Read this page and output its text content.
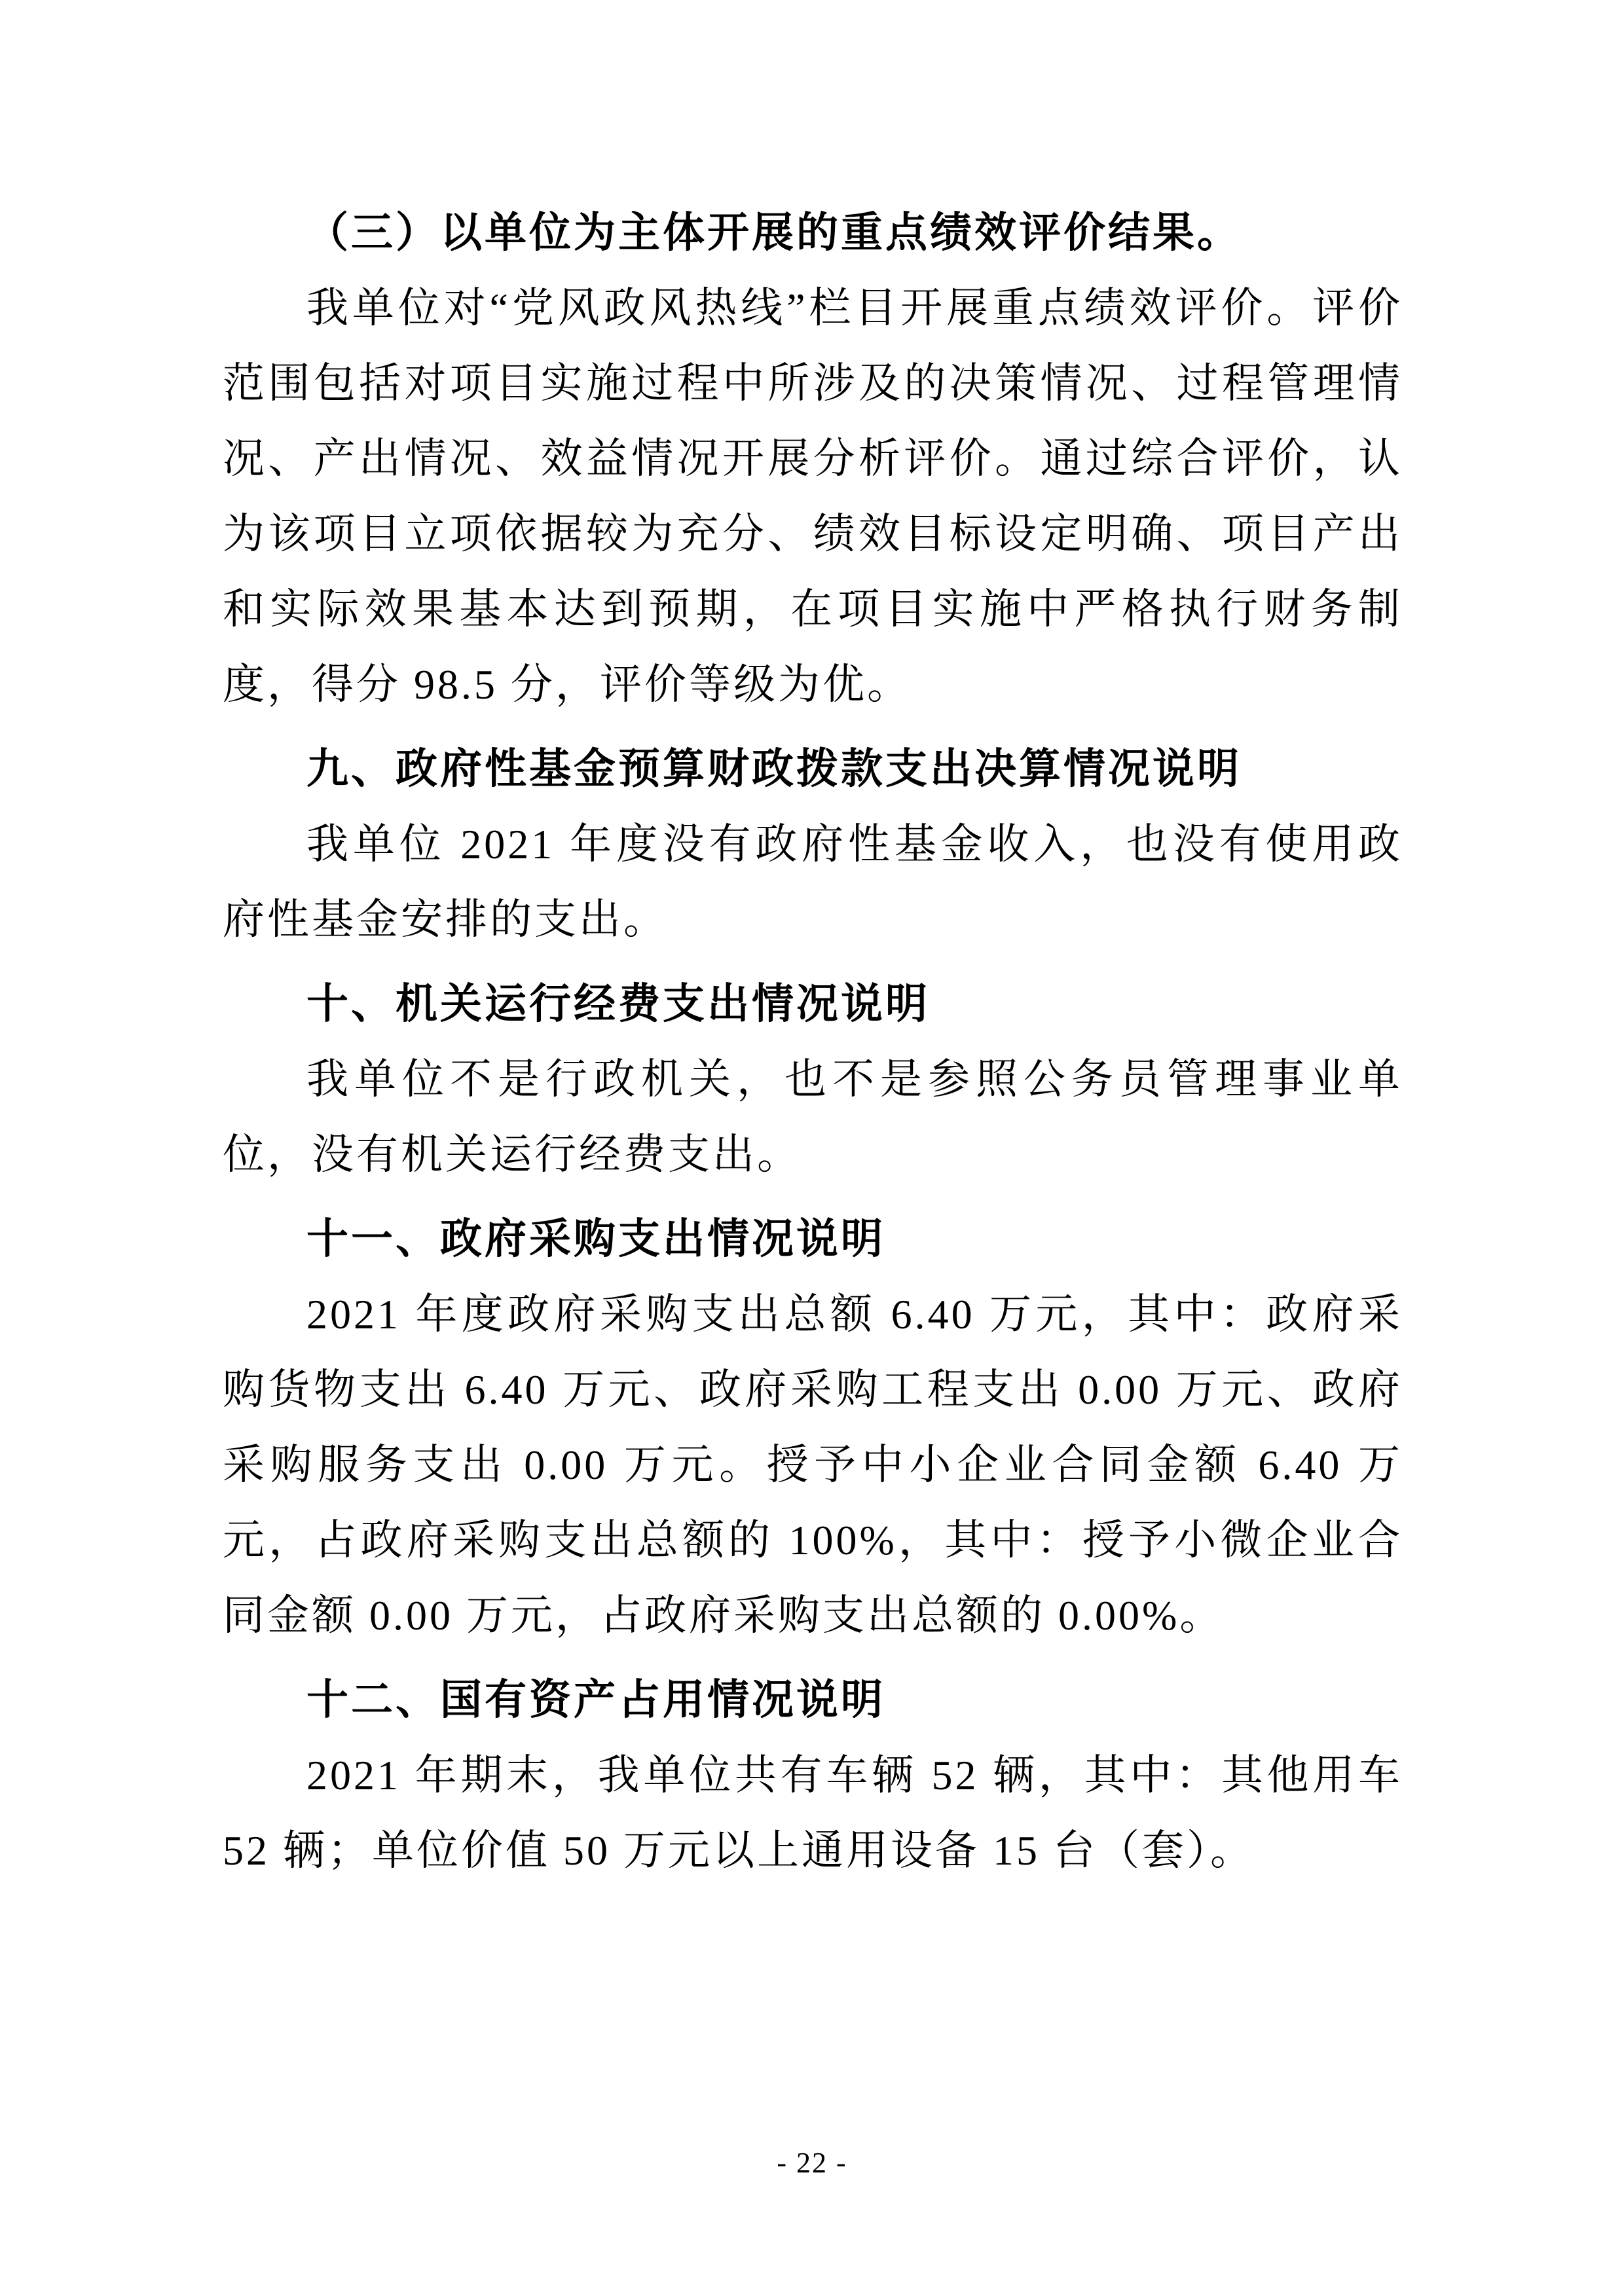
（三）以单位为主体开展的重点绩效评价结果。

我单位对“党风政风热线”栏目开展重点绩效评价。评价范围包括对项目实施过程中所涉及的决策情况、过程管理情况、产出情况、效益情况开展分析评价。通过综合评价，认为该项目立项依据较为充分、绩效目标设定明确、项目产出和实际效果基本达到预期，在项目实施中严格执行财务制度，得分 98.5 分，评价等级为优。

九、政府性基金预算财政拨款支出决算情况说明

我单位 2021 年度没有政府性基金收入，也没有使用政府性基金安排的支出。

十、机关运行经费支出情况说明

我单位不是行政机关，也不是参照公务员管理事业单位，没有机关运行经费支出。

十一、政府采购支出情况说明

2021 年度政府采购支出总额 6.40 万元，其中：政府采购货物支出 6.40 万元、政府采购工程支出 0.00 万元、政府采购服务支出 0.00 万元。授予中小企业合同金额 6.40 万元，占政府采购支出总额的 100%，其中：授予小微企业合同金额 0.00 万元，占政府采购支出总额的 0.00%。

十二、国有资产占用情况说明

2021 年期末，我单位共有车辆 52 辆，其中：其他用车 52 辆；单位价值 50 万元以上通用设备 15 台（套）。

- 22 -
